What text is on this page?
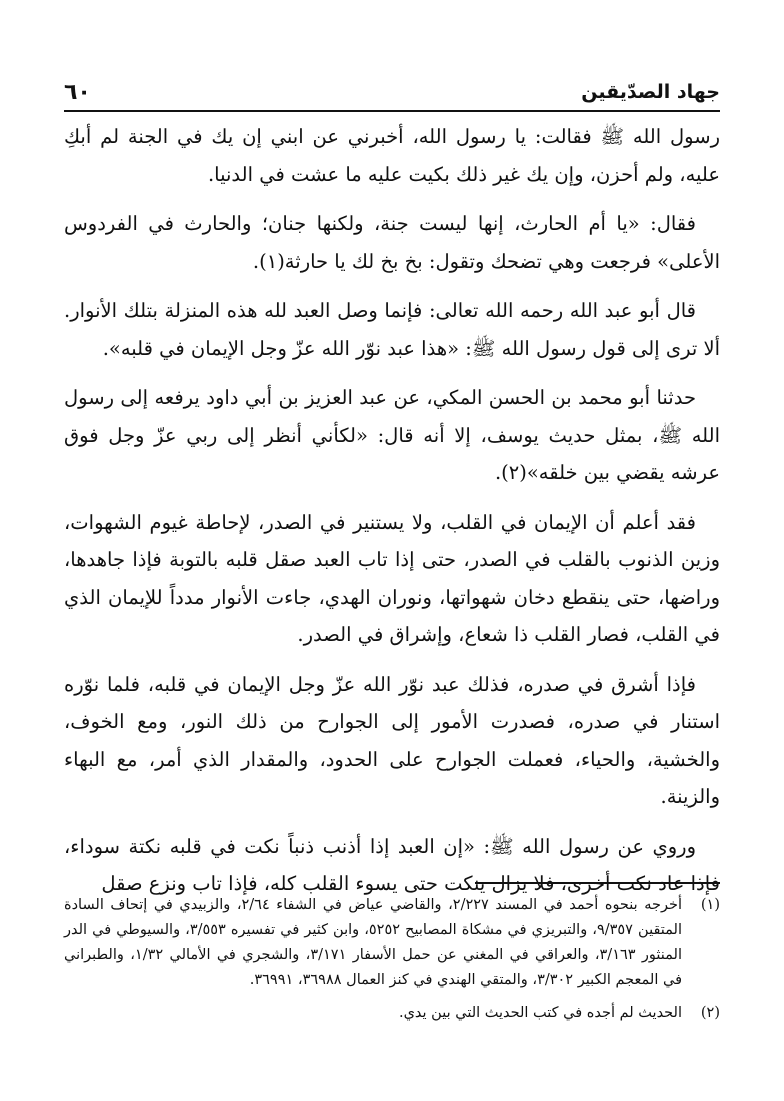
٦٠	جهاد الصدّيقين

رسول الله ﷺ فقالت: يا رسول الله، أخبرني عن ابني إن يك في الجنة لم أبكِ عليه، ولم أحزن، وإن يك غير ذلك بكيت عليه ما عشت في الدنيا.

فقال: «يا أم الحارث، إنها ليست جنة، ولكنها جنان؛ والحارث في الفردوس الأعلى» فرجعت وهي تضحك وتقول: بخ بخ لك يا حارثة(١).

قال أبو عبد الله رحمه الله تعالى: فإنما وصل العبد لله هذه المنزلة بتلك الأنوار. ألا ترى إلى قول رسول الله ﷺ: «هذا عبد نوّر الله عزّ وجل الإيمان في قلبه».

حدثنا أبو محمد بن الحسن المكي، عن عبد العزيز بن أبي داود يرفعه إلى رسول الله ﷺ، بمثل حديث يوسف، إلا أنه قال: «لكأني أنظر إلى ربي عزّ وجل فوق عرشه يقضي بين خلقه»(٢).

فقد أعلم أن الإيمان في القلب، ولا يستنير في الصدر، لإحاطة غيوم الشهوات، وزين الذنوب بالقلب في الصدر، حتى إذا تاب العبد صقل قلبه بالتوبة فإذا جاهدها، وراضها، حتى ينقطع دخان شهواتها، ونوران الهدي، جاءت الأنوار مدداً للإيمان الذي في القلب، فصار القلب ذا شعاع، وإشراق في الصدر.

فإذا أشرق في صدره، فذلك عبد نوّر الله عزّ وجل الإيمان في قلبه، فلما نوّره استنار في صدره، فصدرت الأمور إلى الجوارح من ذلك النور، ومع الخوف، والخشية، والحياء، فعملت الجوارح على الحدود، والمقدار الذي أمر، مع البهاء والزينة.

وروي عن رسول الله ﷺ: «إن العبد إذا أذنب ذنباً نكت في قلبه نكتة سوداء، فإذا عاد نكت أخرى، فلا يزال ينكت حتى يسوء القلب كله، فإذا تاب ونزع صقل

(١)
أخرجه بنحوه أحمد في المسند ٢/٢٢٧، والقاضي عياض في الشفاء ٢/٦٤، والزبيدي في إتحاف السادة المتقين ٩/٣٥٧، والتبريزي في مشكاة المصابيح ٥٢٥٢، وابن كثير في تفسيره ٣/٥٥٣، والسيوطي في الدر المنثور ٣/١٦٣، والعراقي في المغني عن حمل الأسفار ٣/١٧١، والشجري في الأمالي ١/٣٢، والطبراني في المعجم الكبير ٣/٣٠٢، والمتقي الهندي في كنز العمال ٣٦٩٨٨، ٣٦٩٩١.
(٢)
الحديث لم أجده في كتب الحديث التي بين يدي.
